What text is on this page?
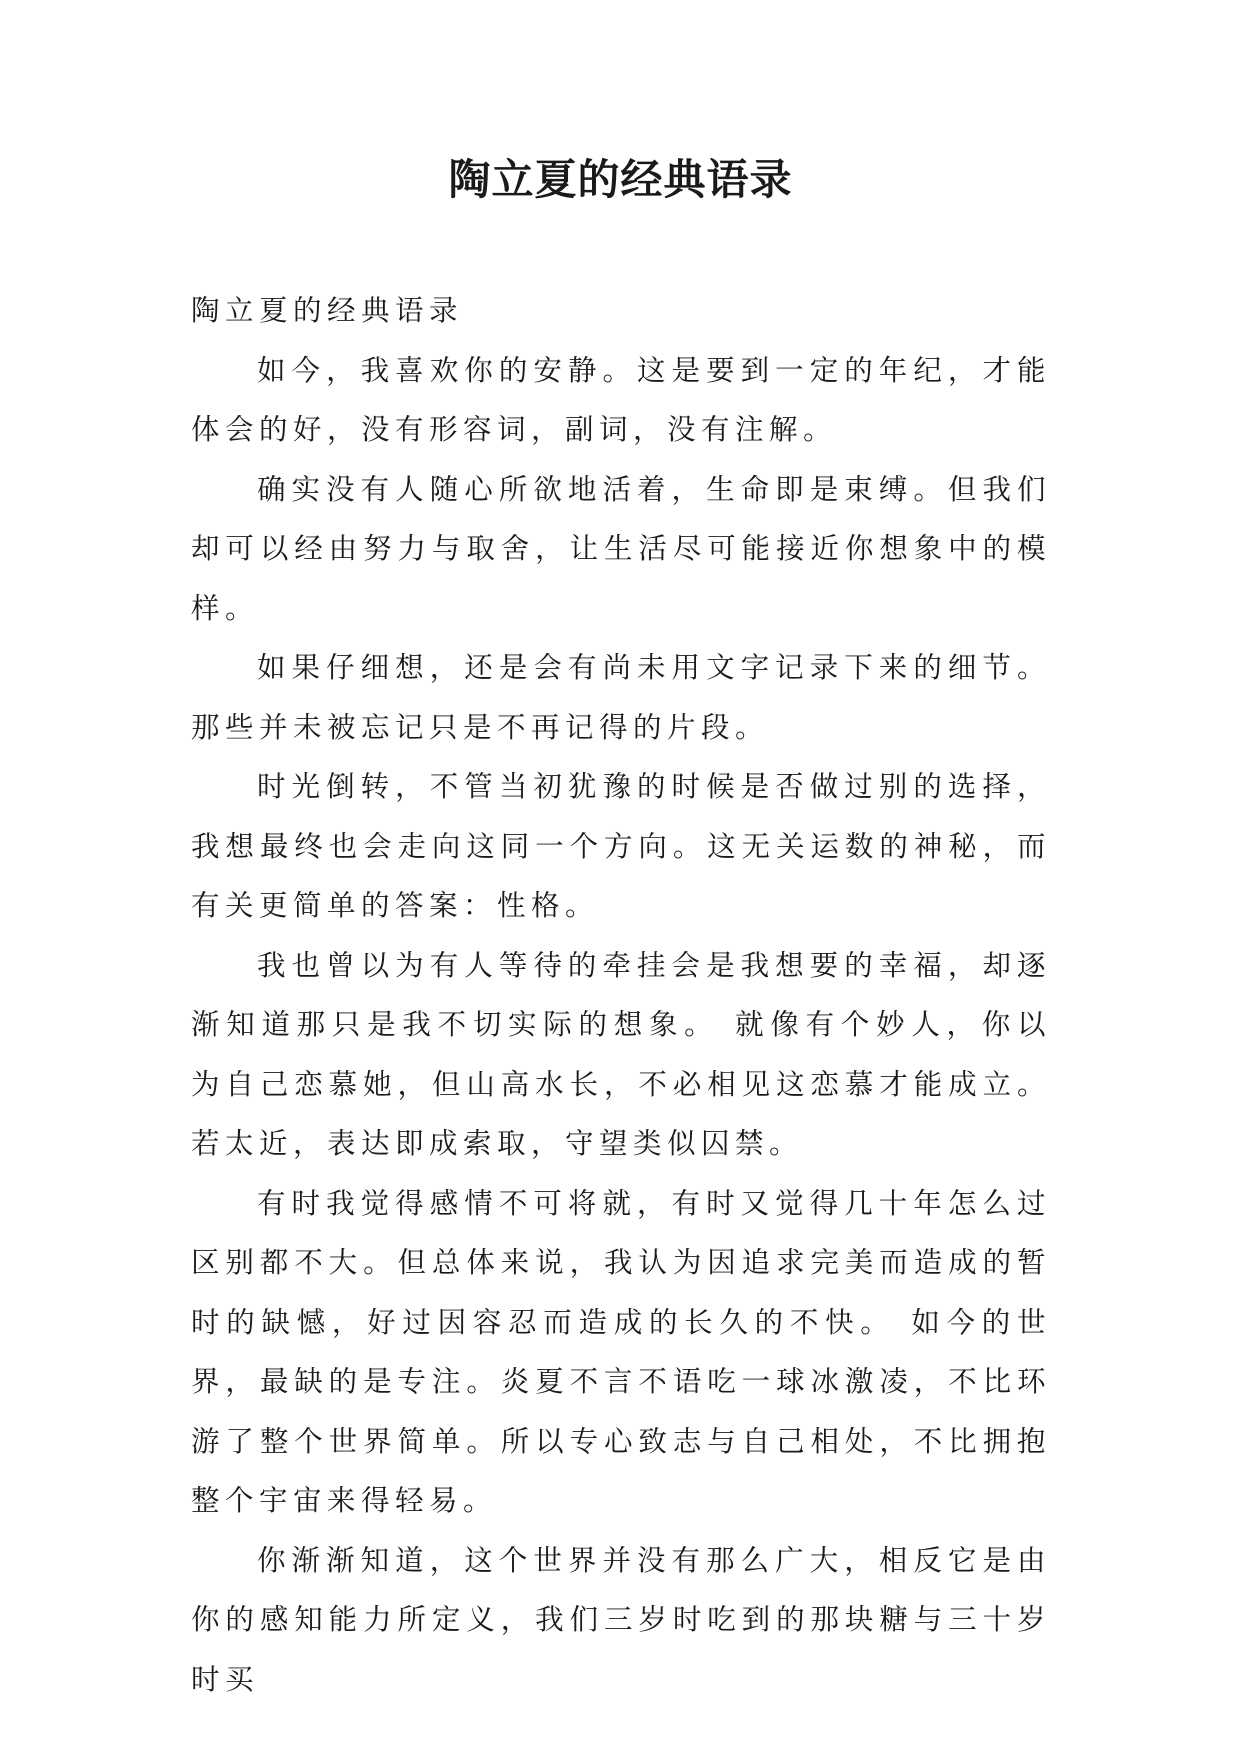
陶立夏的经典语录

陶立夏的经典语录

如今，我喜欢你的安静。这是要到一定的年纪，才能体会的好，没有形容词，副词，没有注解。

确实没有人随心所欲地活着，生命即是束缚。但我们却可以经由努力与取舍，让生活尽可能接近你想象中的模样。

如果仔细想，还是会有尚未用文字记录下来的细节。那些并未被忘记只是不再记得的片段。

时光倒转，不管当初犹豫的时候是否做过别的选择，我想最终也会走向这同一个方向。这无关运数的神秘，而有关更简单的答案：性格。

我也曾以为有人等待的牵挂会是我想要的幸福，却逐渐知道那只是我不切实际的想象。 就像有个妙人，你以为自己恋慕她，但山高水长，不必相见这恋慕才能成立。 若太近，表达即成索取，守望类似囚禁。

有时我觉得感情不可将就，有时又觉得几十年怎么过区别都不大。但总体来说，我认为因追求完美而造成的暂时的缺憾，好过因容忍而造成的长久的不快。 如今的世界，最缺的是专注。炎夏不言不语吃一球冰激凌，不比环游了整个世界简单。所以专心致志与自己相处，不比拥抱整个宇宙来得轻易。

你渐渐知道，这个世界并没有那么广大，相反它是由你的感知能力所定义，我们三岁时吃到的那块糖与三十岁时买
